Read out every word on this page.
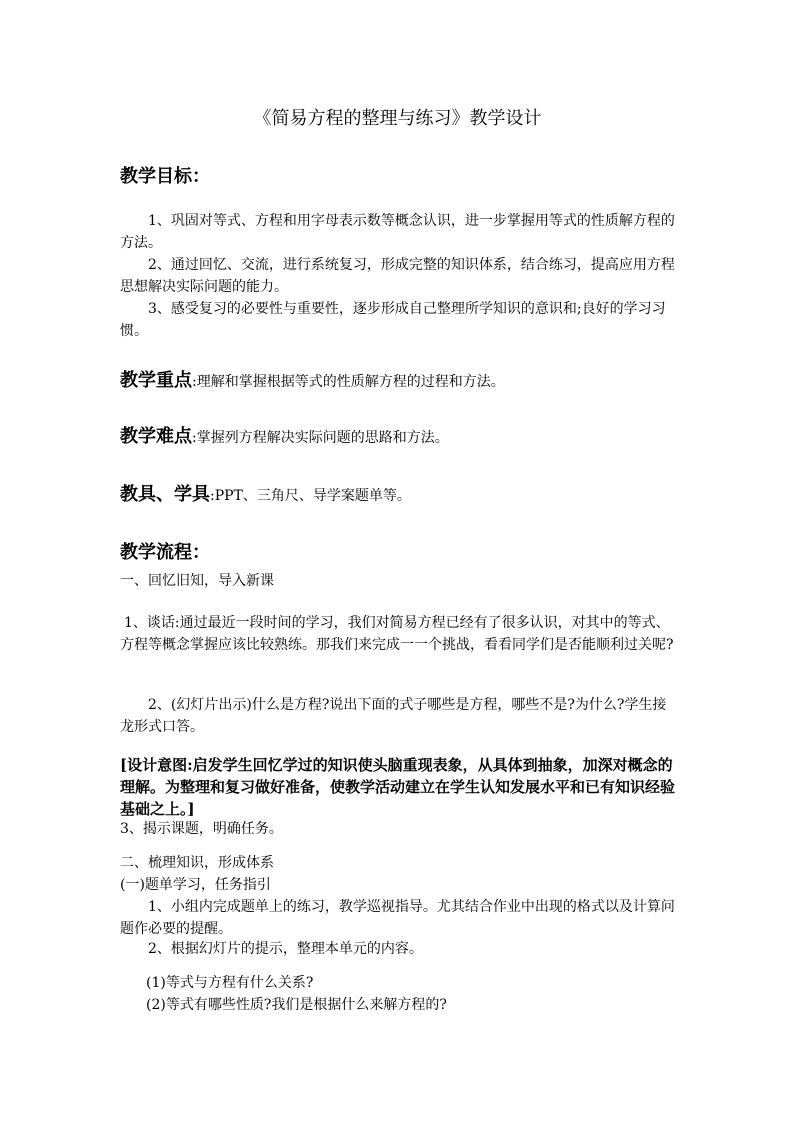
《简易方程的整理与练习》教学设计
教学目标：
1、巩固对等式、方程和用字母表示数等概念认识，进一步掌握用等式的性质解方程的方法。
2、通过回忆、交流，进行系统复习，形成完整的知识体系，结合练习，提高应用方程思想解决实际问题的能力。
3、感受复习的必要性与重要性，逐步形成自己整理所学知识的意识和;良好的学习习惯。
教学重点:理解和掌握根据等式的性质解方程的过程和方法。
教学难点:掌握列方程解决实际问题的思路和方法。
教具、学具:PPT、三角尺、导学案题单等。
教学流程：
一、回忆旧知，导入新课
1、谈话:通过最近一段时间的学习，我们对简易方程已经有了很多认识，对其中的等式、方程等概念掌握应该比较熟练。那我们来完成一一个挑战，看看同学们是否能顺利过关呢?
2、(幻灯片出示)什么是方程?说出下面的式子哪些是方程，哪些不是?为什么?学生接龙形式口答。
[设计意图:启发学生回忆学过的知识使头脑重现表象，从具体到抽象，加深对概念的理解。为整理和复习做好准备，使教学活动建立在学生认知发展水平和已有知识经验基础之上。]
3、揭示课题，明确任务。
二、梳理知识，形成体系
(一)题单学习，任务指引
1、小组内完成题单上的练习，教学巡视指导。尤其结合作业中出现的格式以及计算问题作必要的提醒。
2、根据幻灯片的提示，整理本单元的内容。
(1)等式与方程有什么关系?
(2)等式有哪些性质?我们是根据什么来解方程的?
